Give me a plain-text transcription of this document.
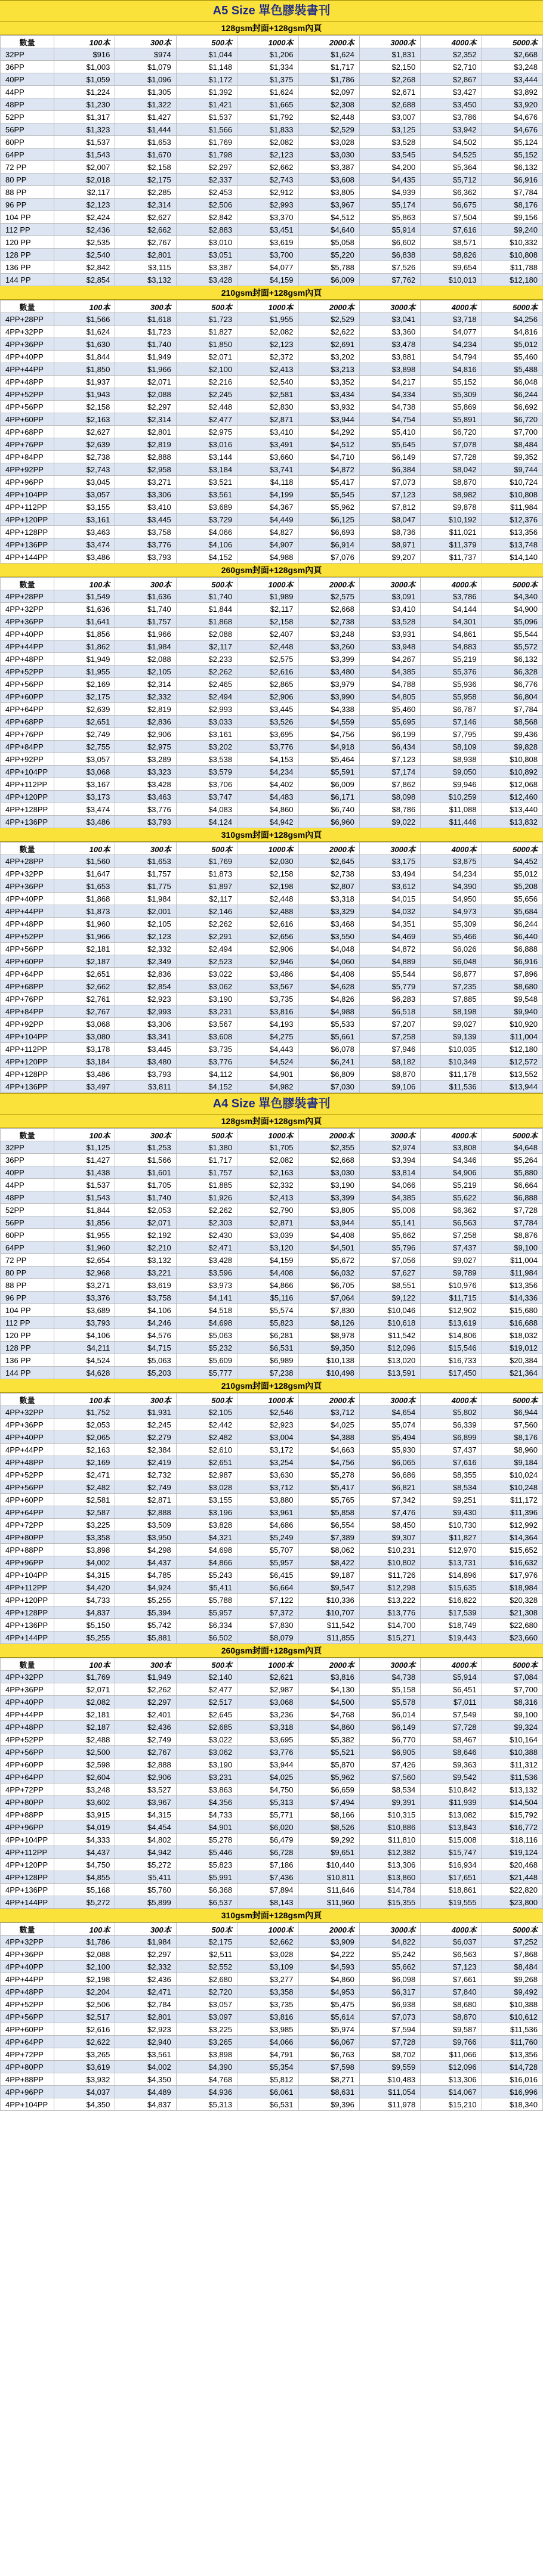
A5 Size 單色膠裝書刊
128gsm封面+128gsm內頁
數量	100本	300本	500本	1000本	2000本	3000本	4000本	5000本
32PP	$916	$974	$1,044	$1,206	$1,624	$1,831	$2,352	$2,668
36PP	$1,003	$1,079	$1,148	$1,334	$1,717	$2,150	$2,710	$3,248
40PP	$1,059	$1,096	$1,172	$1,375	$1,786	$2,268	$2,867	$3,444
44PP	$1,224	$1,305	$1,392	$1,624	$2,097	$2,671	$3,427	$3,892
48PP	$1,230	$1,322	$1,421	$1,665	$2,308	$2,688	$3,450	$3,920
52PP	$1,317	$1,427	$1,537	$1,792	$2,448	$3,007	$3,786	$4,676
56PP	$1,323	$1,444	$1,566	$1,833	$2,529	$3,125	$3,942	$4,676
60PP	$1,537	$1,653	$1,769	$2,082	$3,028	$3,528	$4,502	$5,124
64PP	$1,543	$1,670	$1,798	$2,123	$3,030	$3,545	$4,525	$5,152
72 PP	$2,007	$2,158	$2,297	$2,662	$3,387	$4,200	$5,364	$6,132
80 PP	$2,018	$2,175	$2,337	$2,743	$3,608	$4,435	$5,712	$6,916
88 PP	$2,117	$2,285	$2,453	$2,912	$3,805	$4,939	$6,362	$7,784
96 PP	$2,123	$2,314	$2,506	$2,993	$3,967	$5,174	$6,675	$8,176
104 PP	$2,424	$2,627	$2,842	$3,370	$4,512	$5,863	$7,504	$9,156
112 PP	$2,436	$2,662	$2,883	$3,451	$4,640	$5,914	$7,616	$9,240
120 PP	$2,535	$2,767	$3,010	$3,619	$5,058	$6,602	$8,571	$10,332
128 PP	$2,540	$2,801	$3,051	$3,700	$5,220	$6,838	$8,826	$10,808
136 PP	$2,842	$3,115	$3,387	$4,077	$5,788	$7,526	$9,654	$11,788
144 PP	$2,854	$3,132	$3,428	$4,159	$6,009	$7,762	$10,013	$12,180
210gsm封面+128gsm內頁
數量	100本	300本	500本	1000本	2000本	3000本	4000本	5000本
4PP+28PP	$1,566	$1,618	$1,723	$1,955	$2,529	$3,041	$3,718	$4,256
4PP+32PP	$1,624	$1,723	$1,827	$2,082	$2,622	$3,360	$4,077	$4,816
4PP+36PP	$1,630	$1,740	$1,850	$2,123	$2,691	$3,478	$4,234	$5,012
4PP+40PP	$1,844	$1,949	$2,071	$2,372	$3,202	$3,881	$4,794	$5,460
4PP+44PP	$1,850	$1,966	$2,100	$2,413	$3,213	$3,898	$4,816	$5,488
4PP+48PP	$1,937	$2,071	$2,216	$2,540	$3,352	$4,217	$5,152	$6,048
4PP+52PP	$1,943	$2,088	$2,245	$2,581	$3,434	$4,334	$5,309	$6,244
4PP+56PP	$2,158	$2,297	$2,448	$2,830	$3,932	$4,738	$5,869	$6,692
4PP+60PP	$2,163	$2,314	$2,477	$2,871	$3,944	$4,754	$5,891	$6,720
4PP+68PP	$2,627	$2,801	$2,975	$3,410	$4,292	$5,410	$6,720	$7,700
4PP+76PP	$2,639	$2,819	$3,016	$3,491	$4,512	$5,645	$7,078	$8,484
4PP+84PP	$2,738	$2,888	$3,144	$3,660	$4,710	$6,149	$7,728	$9,352
4PP+92PP	$2,743	$2,958	$3,184	$3,741	$4,872	$6,384	$8,042	$9,744
4PP+96PP	$3,045	$3,271	$3,521	$4,118	$5,417	$7,073	$8,870	$10,724
4PP+104PP	$3,057	$3,306	$3,561	$4,199	$5,545	$7,123	$8,982	$10,808
4PP+112PP	$3,155	$3,410	$3,689	$4,367	$5,962	$7,812	$9,878	$11,984
4PP+120PP	$3,161	$3,445	$3,729	$4,449	$6,125	$8,047	$10,192	$12,376
4PP+128PP	$3,463	$3,758	$4,066	$4,827	$6,693	$8,736	$11,021	$13,356
4PP+136PP	$3,474	$3,776	$4,106	$4,907	$6,914	$8,971	$11,379	$13,748
4PP+144PP	$3,486	$3,793	$4,152	$4,988	$7,076	$9,207	$11,737	$14,140
260gsm封面+128gsm內頁
數量	100本	300本	500本	1000本	2000本	3000本	4000本	5000本
4PP+28PP	$1,549	$1,636	$1,740	$1,989	$2,575	$3,091	$3,786	$4,340
4PP+32PP	$1,636	$1,740	$1,844	$2,117	$2,668	$3,410	$4,144	$4,900
4PP+36PP	$1,641	$1,757	$1,868	$2,158	$2,738	$3,528	$4,301	$5,096
4PP+40PP	$1,856	$1,966	$2,088	$2,407	$3,248	$3,931	$4,861	$5,544
4PP+44PP	$1,862	$1,984	$2,117	$2,448	$3,260	$3,948	$4,883	$5,572
4PP+48PP	$1,949	$2,088	$2,233	$2,575	$3,399	$4,267	$5,219	$6,132
4PP+52PP	$1,955	$2,105	$2,262	$2,616	$3,480	$4,385	$5,376	$6,328
4PP+56PP	$2,169	$2,314	$2,465	$2,865	$3,979	$4,788	$5,936	$6,776
4PP+60PP	$2,175	$2,332	$2,494	$2,906	$3,990	$4,805	$5,958	$6,804
4PP+64PP	$2,639	$2,819	$2,993	$3,445	$4,338	$5,460	$6,787	$7,784
4PP+68PP	$2,651	$2,836	$3,033	$3,526	$4,559	$5,695	$7,146	$8,568
4PP+76PP	$2,749	$2,906	$3,161	$3,695	$4,756	$6,199	$7,795	$9,436
4PP+84PP	$2,755	$2,975	$3,202	$3,776	$4,918	$6,434	$8,109	$9,828
4PP+92PP	$3,057	$3,289	$3,538	$4,153	$5,464	$7,123	$8,938	$10,808
4PP+104PP	$3,068	$3,323	$3,579	$4,234	$5,591	$7,174	$9,050	$10,892
4PP+112PP	$3,167	$3,428	$3,706	$4,402	$6,009	$7,862	$9,946	$12,068
4PP+120PP	$3,173	$3,463	$3,747	$4,483	$6,171	$8,098	$10,259	$12,460
4PP+128PP	$3,474	$3,776	$4,083	$4,860	$6,740	$8,786	$11,088	$13,440
4PP+136PP	$3,486	$3,793	$4,124	$4,942	$6,960	$9,022	$11,446	$13,832
310gsm封面+128gsm內頁
數量	100本	300本	500本	1000本	2000本	3000本	4000本	5000本
4PP+28PP	$1,560	$1,653	$1,769	$2,030	$2,645	$3,175	$3,875	$4,452
4PP+32PP	$1,647	$1,757	$1,873	$2,158	$2,738	$3,494	$4,234	$5,012
4PP+36PP	$1,653	$1,775	$1,897	$2,198	$2,807	$3,612	$4,390	$5,208
4PP+40PP	$1,868	$1,984	$2,117	$2,448	$3,318	$4,015	$4,950	$5,656
4PP+44PP	$1,873	$2,001	$2,146	$2,488	$3,329	$4,032	$4,973	$5,684
4PP+48PP	$1,960	$2,105	$2,262	$2,616	$3,468	$4,351	$5,309	$6,244
4PP+52PP	$1,966	$2,123	$2,291	$2,656	$3,550	$4,469	$5,466	$6,440
4PP+56PP	$2,181	$2,332	$2,494	$2,906	$4,048	$4,872	$6,026	$6,888
4PP+60PP	$2,187	$2,349	$2,523	$2,946	$4,060	$4,889	$6,048	$6,916
4PP+64PP	$2,651	$2,836	$3,022	$3,486	$4,408	$5,544	$6,877	$7,896
4PP+68PP	$2,662	$2,854	$3,062	$3,567	$4,628	$5,779	$7,235	$8,680
4PP+76PP	$2,761	$2,923	$3,190	$3,735	$4,826	$6,283	$7,885	$9,548
4PP+84PP	$2,767	$2,993	$3,231	$3,816	$4,988	$6,518	$8,198	$9,940
4PP+92PP	$3,068	$3,306	$3,567	$4,193	$5,533	$7,207	$9,027	$10,920
4PP+104PP	$3,080	$3,341	$3,608	$4,275	$5,661	$7,258	$9,139	$11,004
4PP+112PP	$3,178	$3,445	$3,735	$4,443	$6,078	$7,946	$10,035	$12,180
4PP+120PP	$3,184	$3,480	$3,776	$4,524	$6,241	$8,182	$10,349	$12,572
4PP+128PP	$3,486	$3,793	$4,112	$4,901	$6,809	$8,870	$11,178	$13,552
4PP+136PP	$3,497	$3,811	$4,152	$4,982	$7,030	$9,106	$11,536	$13,944
A4 Size 單色膠裝書刊
128gsm封面+128gsm內頁
數量	100本	300本	500本	1000本	2000本	3000本	4000本	5000本
32PP	$1,125	$1,253	$1,380	$1,705	$2,355	$2,974	$3,808	$4,648
36PP	$1,427	$1,566	$1,717	$2,082	$2,668	$3,394	$4,346	$5,264
40PP	$1,438	$1,601	$1,757	$2,163	$3,030	$3,814	$4,906	$5,880
44PP	$1,537	$1,705	$1,885	$2,332	$3,190	$4,066	$5,219	$6,664
48PP	$1,543	$1,740	$1,926	$2,413	$3,399	$4,385	$5,622	$6,888
52PP	$1,844	$2,053	$2,262	$2,790	$3,805	$5,006	$6,362	$7,728
56PP	$1,856	$2,071	$2,303	$2,871	$3,944	$5,141	$6,563	$7,784
60PP	$1,955	$2,192	$2,430	$3,039	$4,408	$5,662	$7,258	$8,876
64PP	$1,960	$2,210	$2,471	$3,120	$4,501	$5,796	$7,437	$9,100
72 PP	$2,654	$3,132	$3,428	$4,159	$5,672	$7,056	$9,027	$11,004
80 PP	$2,968	$3,221	$3,596	$4,408	$6,032	$7,627	$9,789	$11,984
88 PP	$3,271	$3,619	$3,973	$4,866	$6,705	$8,551	$10,976	$13,356
96 PP	$3,376	$3,758	$4,141	$5,116	$7,064	$9,122	$11,715	$14,336
104 PP	$3,689	$4,106	$4,518	$5,574	$7,830	$10,046	$12,902	$15,680
112 PP	$3,793	$4,246	$4,698	$5,823	$8,126	$10,618	$13,619	$16,688
120 PP	$4,106	$4,576	$5,063	$6,281	$8,978	$11,542	$14,806	$18,032
128 PP	$4,211	$4,715	$5,232	$6,531	$9,350	$12,096	$15,546	$19,012
136 PP	$4,524	$5,063	$5,609	$6,989	$10,138	$13,020	$16,733	$20,384
144 PP	$4,628	$5,203	$5,777	$7,238	$10,498	$13,591	$17,450	$21,364
210gsm封面+128gsm內頁
數量	100本	300本	500本	1000本	2000本	3000本	4000本	5000本
4PP+32PP	$1,752	$1,931	$2,105	$2,546	$3,712	$4,654	$5,802	$6,944
4PP+36PP	$2,053	$2,245	$2,442	$2,923	$4,025	$5,074	$6,339	$7,560
4PP+40PP	$2,065	$2,279	$2,482	$3,004	$4,388	$5,494	$6,899	$8,176
4PP+44PP	$2,163	$2,384	$2,610	$3,172	$4,663	$5,930	$7,437	$8,960
4PP+48PP	$2,169	$2,419	$2,651	$3,254	$4,756	$6,065	$7,616	$9,184
4PP+52PP	$2,471	$2,732	$2,987	$3,630	$5,278	$6,686	$8,355	$10,024
4PP+56PP	$2,482	$2,749	$3,028	$3,712	$5,417	$6,821	$8,534	$10,248
4PP+60PP	$2,581	$2,871	$3,155	$3,880	$5,765	$7,342	$9,251	$11,172
4PP+64PP	$2,587	$2,888	$3,196	$3,961	$5,858	$7,476	$9,430	$11,396
4PP+72PP	$3,225	$3,509	$3,828	$4,686	$6,554	$8,450	$10,730	$12,992
4PP+80PP	$3,358	$3,950	$4,321	$5,249	$7,389	$9,307	$11,827	$14,364
4PP+88PP	$3,898	$4,298	$4,698	$5,707	$8,062	$10,231	$12,970	$15,652
4PP+96PP	$4,002	$4,437	$4,866	$5,957	$8,422	$10,802	$13,731	$16,632
4PP+104PP	$4,315	$4,785	$5,243	$6,415	$9,187	$11,726	$14,896	$17,976
4PP+112PP	$4,420	$4,924	$5,411	$6,664	$9,547	$12,298	$15,635	$18,984
4PP+120PP	$4,733	$5,255	$5,788	$7,122	$10,336	$13,222	$16,822	$20,328
4PP+128PP	$4,837	$5,394	$5,957	$7,372	$10,707	$13,776	$17,539	$21,308
4PP+136PP	$5,150	$5,742	$6,334	$7,830	$11,542	$14,700	$18,749	$22,680
4PP+144PP	$5,255	$5,881	$6,502	$8,079	$11,855	$15,271	$19,443	$23,660
260gsm封面+128gsm內頁
數量	100本	300本	500本	1000本	2000本	3000本	4000本	5000本
4PP+32PP	$1,769	$1,949	$2,140	$2,621	$3,816	$4,738	$5,914	$7,084
4PP+36PP	$2,071	$2,262	$2,477	$2,987	$4,130	$5,158	$6,451	$7,700
4PP+40PP	$2,082	$2,297	$2,517	$3,068	$4,500	$5,578	$7,011	$8,316
4PP+44PP	$2,181	$2,401	$2,645	$3,236	$4,768	$6,014	$7,549	$9,100
4PP+48PP	$2,187	$2,436	$2,685	$3,318	$4,860	$6,149	$7,728	$9,324
4PP+52PP	$2,488	$2,749	$3,022	$3,695	$5,382	$6,770	$8,467	$10,164
4PP+56PP	$2,500	$2,767	$3,062	$3,776	$5,521	$6,905	$8,646	$10,388
4PP+60PP	$2,598	$2,888	$3,190	$3,944	$5,870	$7,426	$9,363	$11,312
4PP+64PP	$2,604	$2,906	$3,231	$4,025	$5,962	$7,560	$9,542	$11,536
4PP+72PP	$3,248	$3,527	$3,863	$4,750	$6,659	$8,534	$10,842	$13,132
4PP+80PP	$3,602	$3,967	$4,356	$5,313	$7,494	$9,391	$11,939	$14,504
4PP+88PP	$3,915	$4,315	$4,733	$5,771	$8,166	$10,315	$13,082	$15,792
4PP+96PP	$4,019	$4,454	$4,901	$6,020	$8,526	$10,886	$13,843	$16,772
4PP+104PP	$4,333	$4,802	$5,278	$6,479	$9,292	$11,810	$15,008	$18,116
4PP+112PP	$4,437	$4,942	$5,446	$6,728	$9,651	$12,382	$15,747	$19,124
4PP+120PP	$4,750	$5,272	$5,823	$7,186	$10,440	$13,306	$16,934	$20,468
4PP+128PP	$4,855	$5,411	$5,991	$7,436	$10,811	$13,860	$17,651	$21,448
4PP+136PP	$5,168	$5,760	$6,368	$7,894	$11,646	$14,784	$18,861	$22,820
4PP+144PP	$5,272	$5,899	$6,537	$8,143	$11,960	$15,355	$19,555	$23,800
310gsm封面+128gsm內頁
數量	100本	300本	500本	1000本	2000本	3000本	4000本	5000本
4PP+32PP	$1,786	$1,984	$2,175	$2,662	$3,909	$4,822	$6,037	$7,252
4PP+36PP	$2,088	$2,297	$2,511	$3,028	$4,222	$5,242	$6,563	$7,868
4PP+40PP	$2,100	$2,332	$2,552	$3,109	$4,593	$5,662	$7,123	$8,484
4PP+44PP	$2,198	$2,436	$2,680	$3,277	$4,860	$6,098	$7,661	$9,268
4PP+48PP	$2,204	$2,471	$2,720	$3,358	$4,953	$6,317	$7,840	$9,492
4PP+52PP	$2,506	$2,784	$3,057	$3,735	$5,475	$6,938	$8,680	$10,388
4PP+56PP	$2,517	$2,801	$3,097	$3,816	$5,614	$7,073	$8,870	$10,612
4PP+60PP	$2,616	$2,923	$3,225	$3,985	$5,974	$7,594	$9,587	$11,536
4PP+64PP	$2,622	$2,940	$3,265	$4,066	$6,067	$7,728	$9,766	$11,760
4PP+72PP	$3,265	$3,561	$3,898	$4,791	$6,763	$8,702	$11,066	$13,356
4PP+80PP	$3,619	$4,002	$4,390	$5,354	$7,598	$9,559	$12,096	$14,728
4PP+88PP	$3,932	$4,350	$4,768	$5,812	$8,271	$10,483	$13,306	$16,016
4PP+96PP	$4,037	$4,489	$4,936	$6,061	$8,631	$11,054	$14,067	$16,996
4PP+104PP	$4,350	$4,837	$5,313	$6,531	$9,396	$11,978	$15,210	$18,340
